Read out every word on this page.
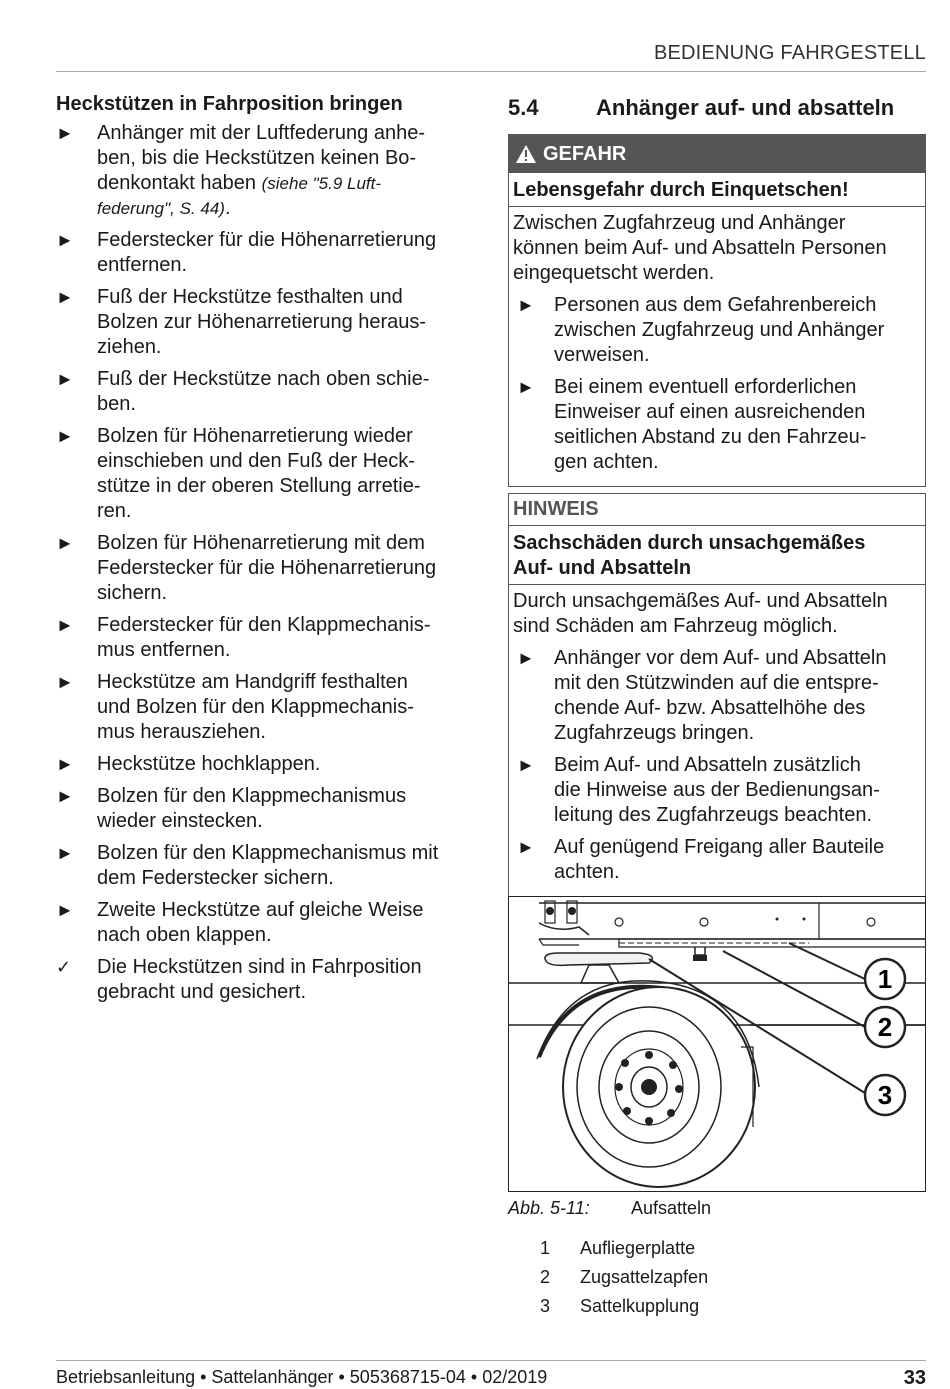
BEDIENUNG FAHRGESTELL
Heckstützen in Fahrposition bringen
► Anhänger mit der Luftfederung anhe-
ben, bis die Heckstützen keinen Bo-
denkontakt haben (siehe "5.9 Luft-
federung", S. 44).
► Federstecker für die Höhenarretierung
entfernen.
► Fuß der Heckstütze festhalten und
Bolzen zur Höhenarretierung heraus-
ziehen.
► Fuß der Heckstütze nach oben schie-
ben.
► Bolzen für Höhenarretierung wieder
einschieben und den Fuß der Heck-
stütze in der oberen Stellung arretie-
ren.
► Bolzen für Höhenarretierung mit dem
Federstecker für die Höhenarretierung
sichern.
► Federstecker für den Klappmechanis-
mus entfernen.
► Heckstütze am Handgriff festhalten
und Bolzen für den Klappmechanis-
mus herausziehen.
► Heckstütze hochklappen.
► Bolzen für den Klappmechanismus
wieder einstecken.
► Bolzen für den Klappmechanismus mit
dem Federstecker sichern.
► Zweite Heckstütze auf gleiche Weise
nach oben klappen.
✓ Die Heckstützen sind in Fahrposition
gebracht und gesichert.
5.4	Anhänger auf- und absatteln
GEFAHR
Lebensgefahr durch Einquetschen!
Zwischen Zugfahrzeug und Anhänger
können beim Auf- und Absatteln Personen
eingequetscht werden.
► Personen aus dem Gefahrenbereich
zwischen Zugfahrzeug und Anhänger
verweisen.
► Bei einem eventuell erforderlichen
Einweiser auf einen ausreichenden
seitlichen Abstand zu den Fahrzeu-
gen achten.
HINWEIS
Sachschäden durch unsachgemäßes
Auf- und Absatteln
Durch unsachgemäßes Auf- und Absatteln
sind Schäden am Fahrzeug möglich.
► Anhänger vor dem Auf- und Absatteln
mit den Stützwinden auf die entspre-
chende Auf- bzw. Absattelhöhe des
Zugfahrzeugs bringen.
► Beim Auf- und Absatteln zusätzlich
die Hinweise aus der Bedienungsan-
leitung des Zugfahrzeugs beachten.
► Auf genügend Freigang aller Bauteile
achten.
1
2
3
Abb. 5-11:	Aufsatteln
1	Aufliegerplatte
2	Zugsattelzapfen
3	Sattelkupplung
Betriebsanleitung • Sattelanhänger • 505368715-04 • 02/2019	33
